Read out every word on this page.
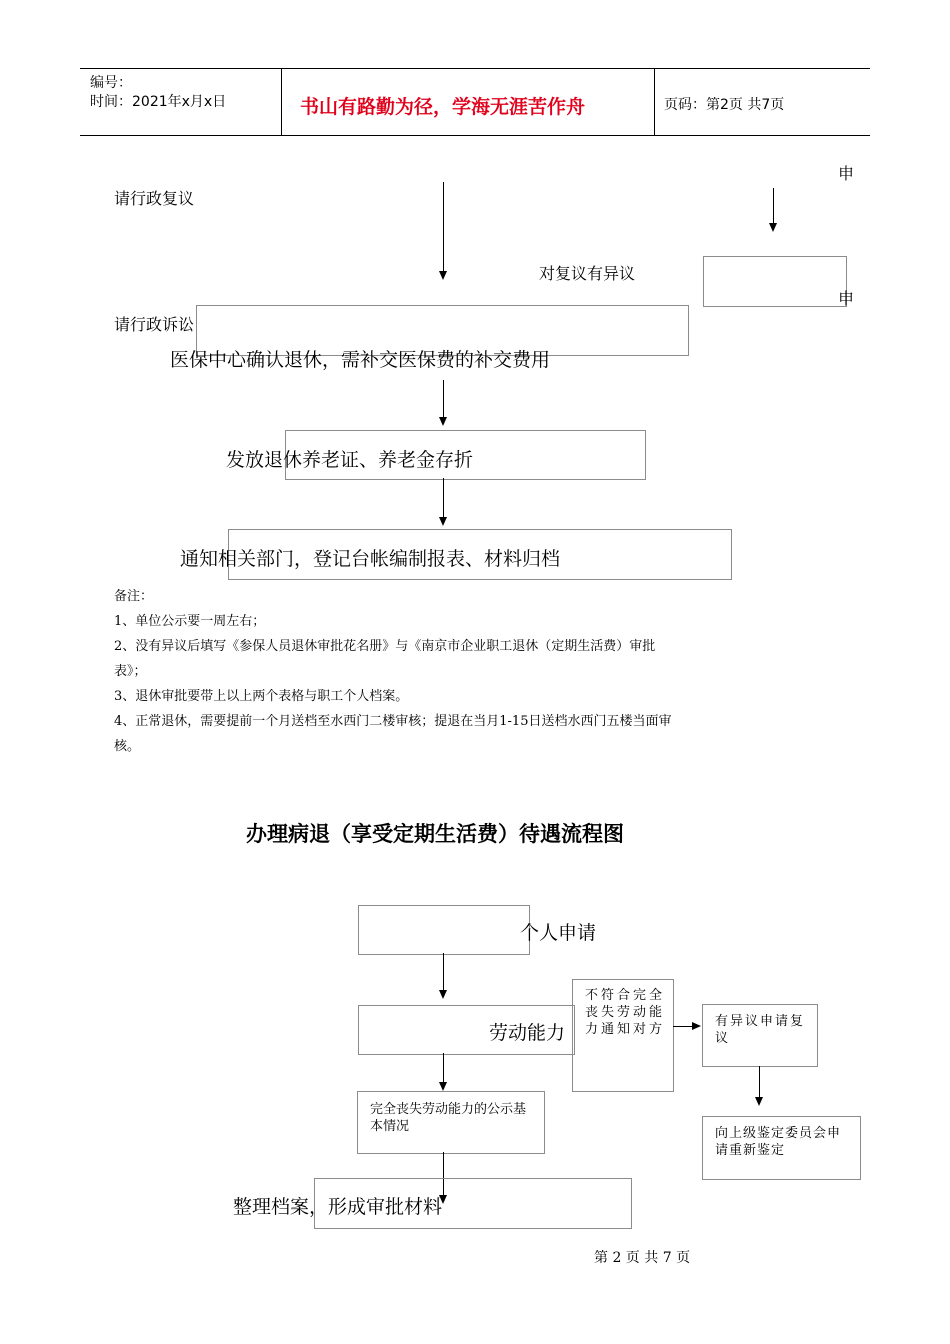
编号：
时间：2021年x月x日	书山有路勤为径，学海无涯苦作舟	页码：第2页 共7页
请行政复议
申
对复议有异议
申
请行政诉讼
医保中心确认退休，需补交医保费的补交费用
发放退休养老证、养老金存折
通知相关部门，登记台帐编制报表、材料归档
备注：
1、单位公示要一周左右；
2、没有异议后填写《参保人员退休审批花名册》与《南京市企业职工退休（定期生活费）审批
表》；
3、退休审批要带上以上两个表格与职工个人档案。
4、正常退休，需要提前一个月送档至水西门二楼审核；提退在当月1-15日送档水西门五楼当面审
核。
办理病退（享受定期生活费）待遇流程图
个人申请
劳动能力
不符合完全丧失劳动能力通知对方
有异议申请复议
向上级鉴定委员会申请重新鉴定
完全丧失劳动能力的公示基本情况
整理档案，形成审批材料
第 2 页 共 7 页
